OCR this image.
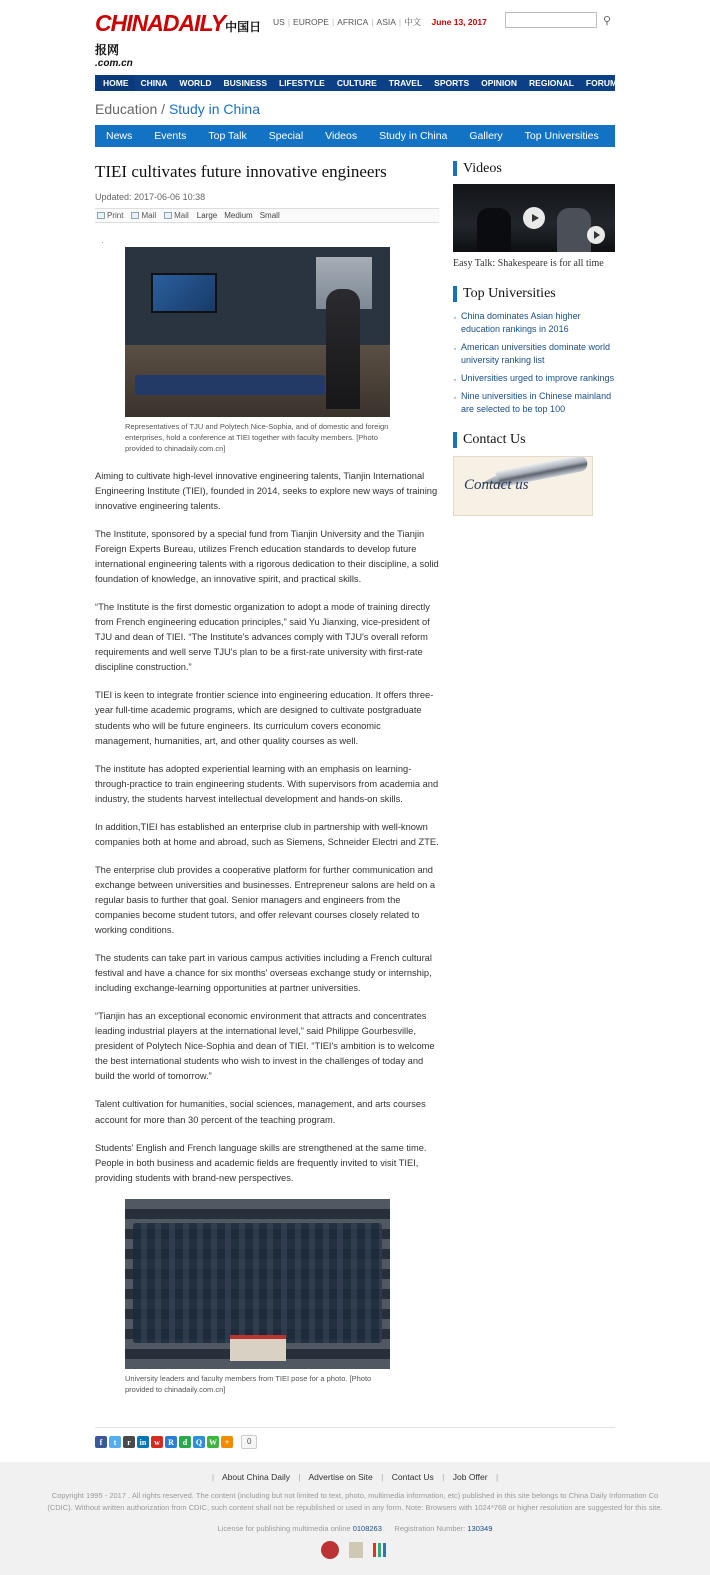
CHINADAILY中国日报网
.com.cn
US | EUROPE | AFRICA | ASIA | 中文 June 13, 2017	⚲
HOME	CHINA	WORLD	BUSINESS	LIFESTYLE	CULTURE	TRAVEL	SPORTS	OPINION	REGIONAL	FORUM	NEWSPAPER ▾
Education / Study in China
News	Events	Top Talk	Special	Videos	Study in China	Gallery	Top Universities
TIEI cultivates future innovative engineers
Updated: 2017-06-06 10:38
Print Mail Mail Large Medium Small
·
Representatives of TJU and Polytech Nice-Sophia, and of domestic and foreign enterprises, hold a conference at TIEI together with faculty members. [Photo provided to chinadaily.com.cn]

Aiming to cultivate high-level innovative engineering talents, Tianjin International Engineering Institute (TIEI), founded in 2014, seeks to explore new ways of training innovative engineering talents.

The Institute, sponsored by a special fund from Tianjin University and the Tianjin Foreign Experts Bureau, utilizes French education standards to develop future international engineering talents with a rigorous dedication to their discipline, a solid foundation of knowledge, an innovative spirit, and practical skills.

“The Institute is the first domestic organization to adopt a mode of training directly from French engineering education principles,” said Yu Jianxing, vice-president of TJU and dean of TIEI. “The Institute's advances comply with TJU's overall reform requirements and well serve TJU's plan to be a first-rate university with first-rate discipline construction.”

TIEI is keen to integrate frontier science into engineering education. It offers three-year full-time academic programs, which are designed to cultivate postgraduate students who will be future engineers. Its curriculum covers economic management, humanities, art, and other quality courses as well.

The institute has adopted experiential learning with an emphasis on learning-through-practice to train engineering students. With supervisors from academia and industry, the students harvest intellectual development and hands-on skills.

In addition,TIEI has established an enterprise club in partnership with well-known companies both at home and abroad, such as Siemens, Schneider Electri and ZTE.

The enterprise club provides a cooperative platform for further communication and exchange between universities and businesses. Entrepreneur salons are held on a regular basis to further that goal. Senior managers and engineers from the companies become student tutors, and offer relevant courses closely related to working conditions.

The students can take part in various campus activities including a French cultural festival and have a chance for six months' overseas exchange study or internship, including exchange-learning opportunities at partner universities.

“Tianjin has an exceptional economic environment that attracts and concentrates leading industrial players at the international level,” said Philippe Gourbesville, president of Polytech Nice-Sophia and dean of TIEI. “TIEI's ambition is to welcome the best international students who wish to invest in the challenges of today and build the world of tomorrow.”

Talent cultivation for humanities, social sciences, management, and arts courses account for more than 30 percent of the teaching program.

Students' English and French language skills are strengthened at the same time. People in both business and academic fields are frequently invited to visit TIEI, providing students with brand-new perspectives.

University leaders and faculty members from TIEI pose for a photo. [Photo provided to chinadaily.com.cn]
Videos
Easy Talk: Shakespeare is for all time
Top Universities
· China dominates Asian higher education rankings in 2016
· American universities dominate world university ranking list
· Universities urged to improve rankings
· Nine universities in Chinese mainland are selected to be top 100
Contact Us
Contact us
f	t	r	in w	R	d	Q W +	0
| About China Daily | Advertise on Site | Contact Us | Job Offer |
Copyright 1995 - 2017 . All rights reserved. The content (including but not limited to text, photo, multimedia information, etc) published in this site belongs to China Daily Information Co (CDIC). Without written authorization from CDIC, such content shall not be republished or used in any form. Note: Browsers with 1024*768 or higher resolution are suggested for this site.
License for publishing multimedia online 0108263 Registration Number: 130349
